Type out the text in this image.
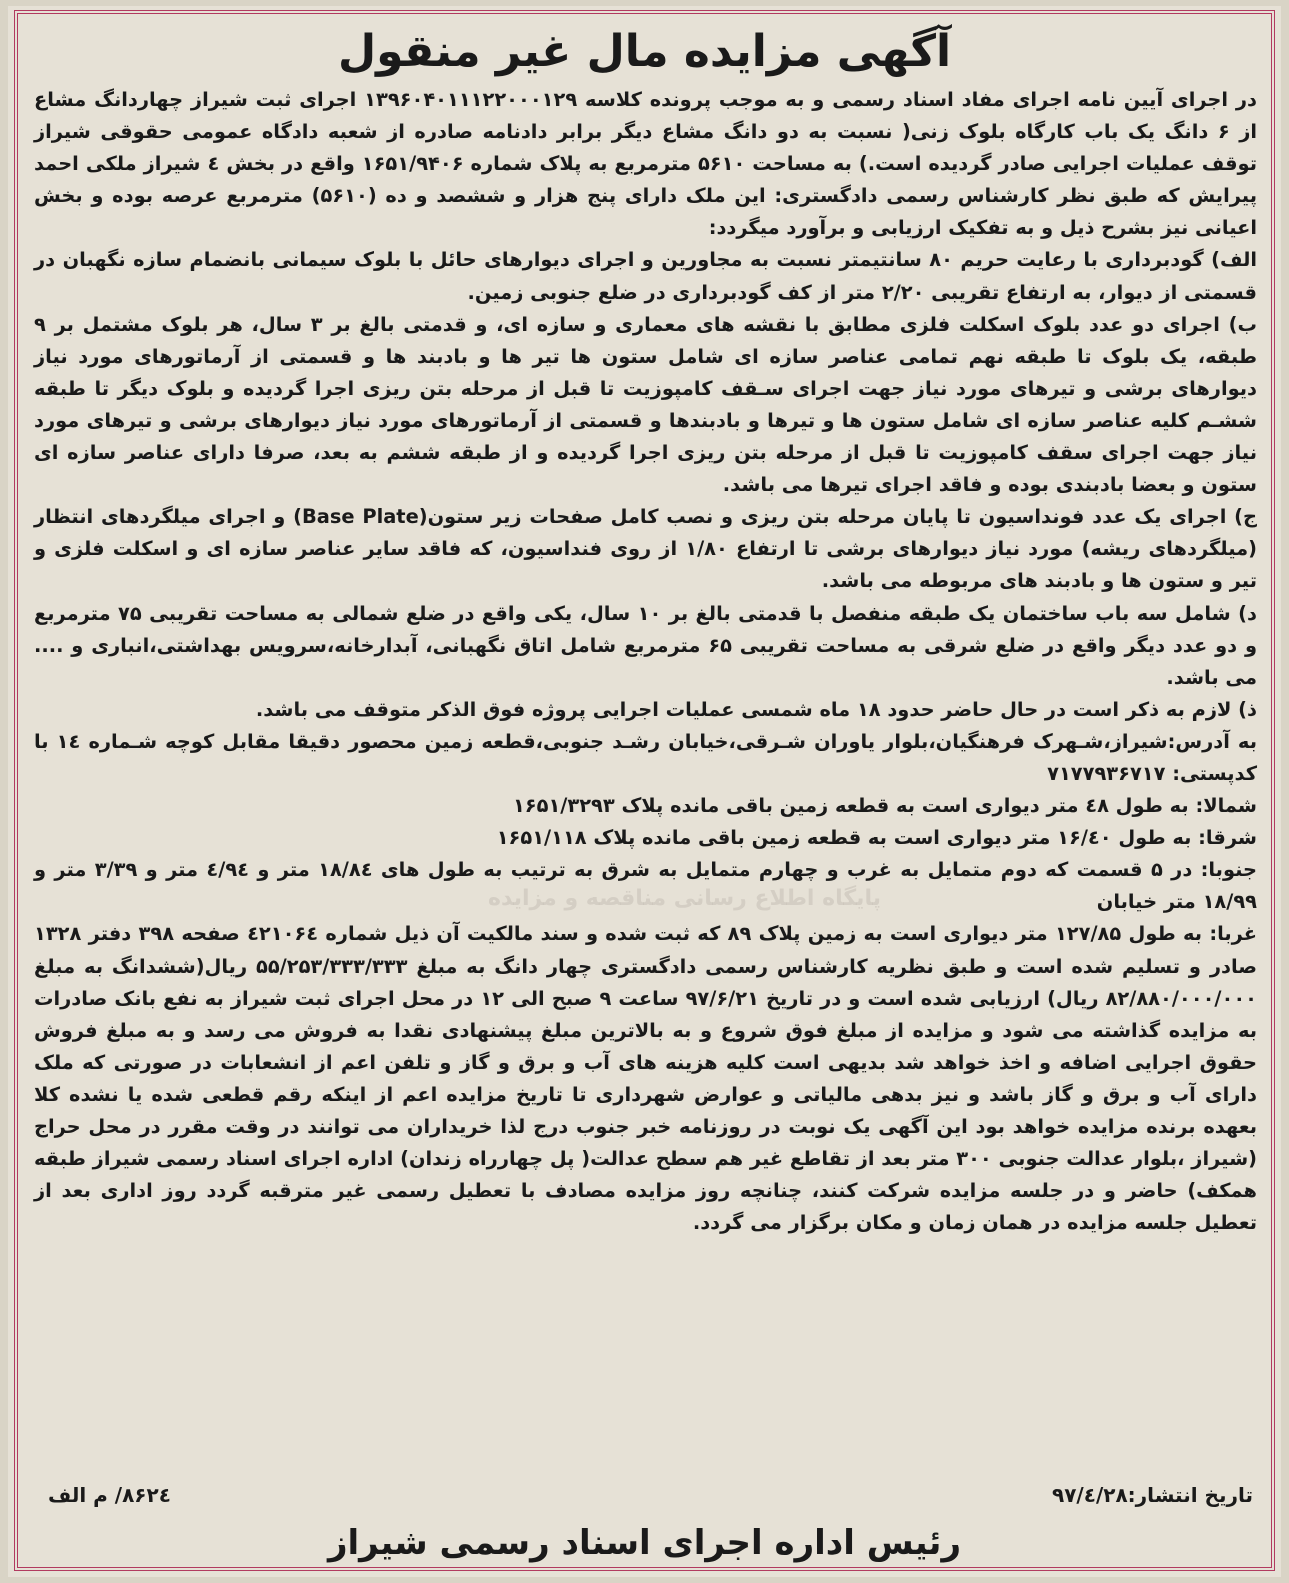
پایگاه اطلاع رسانی مناقصه و مزایده
آگهی مزایده مال غیر منقول

در اجرای آیین نامه اجرای مفاد اسناد رسمی و به موجب پرونده کلاسه ۱۳۹۶۰۴۰۱۱۱۲۲۰۰۰۱۲۹ اجرای ثبت شیراز چهاردانگ مشاع از ۶ دانگ یک باب کارگاه بلوک زنی( نسبت به دو دانگ مشاع دیگر برابر دادنامه صادره از شعبه دادگاه عمومی حقوقی شیراز توقف عملیات اجرایی صادر گردیده است.) به مساحت ۵۶۱۰ مترمربع به پلاک شماره ۱۶۵۱/۹۴۰۶ واقع در بخش ٤ شیراز ملکی احمد پیرایش که طبق نظر کارشناس رسمی دادگستری: این ملک دارای پنج هزار و ششصد و ده (۵۶۱۰) مترمربع عرصه بوده و بخش اعیانی نیز بشرح ذیل و به تفکیک ارزیابی و برآورد میگردد:

الف) گودبرداری با رعایت حریم ۸۰ سانتیمتر نسبت به مجاورین و اجرای دیوارهای حائل با بلوک سیمانی بانضمام سازه نگهبان در قسمتی از دیوار، به ارتفاع تقریبی ۲/۲۰ متر از کف گودبرداری در ضلع جنوبی زمین.

ب) اجرای دو عدد بلوک اسکلت فلزی مطابق با نقشه های معماری و سازه ای، و قدمتی بالغ بر ۳ سال، هر بلوک مشتمل بر ۹ طبقه، یک بلوک تا طبقه نهم تمامی عناصر سازه ای شامل ستون ها تیر ها و بادبند ها و قسمتی از آرماتورهای مورد نیاز دیوارهای برشی و تیرهای مورد نیاز جهت اجرای سـقف کامپوزیت تا قبل از مرحله بتن ریزی اجرا گردیده و بلوک دیگر تا طبقه ششـم کلیه عناصر سازه ای شامل ستون ها و تیرها و بادبندها و قسمتی از آرماتورهای مورد نیاز دیوارهای برشی و تیرهای مورد نیاز جهت اجرای سقف کامپوزیت تا قبل از مرحله بتن ریزی اجرا گردیده و از طبقه ششم به بعد، صرفا دارای عناصر سازه ای ستون و بعضا بادبندی بوده و فاقد اجرای تیرها می باشد.

ج) اجرای یک عدد فونداسیون تا پایان مرحله بتن ریزی و نصب کامل صفحات زیر ستون(Base Plate) و اجرای میلگردهای انتظار (میلگردهای ریشه) مورد نیاز دیوارهای برشی تا ارتفاع ۱/۸۰ از روی فنداسیون، که فاقد سایر عناصر سازه ای و اسکلت فلزی و تیر و ستون ها و بادبند های مربوطه می باشد.

د) شامل سه باب ساختمان یک طبقه منفصل با قدمتی بالغ بر ۱۰ سال، یکی واقع در ضلع شمالی به مساحت تقریبی ۷۵ مترمربع و دو عدد دیگر واقع در ضلع شرقی به مساحت تقریبی ۶۵ مترمربع شامل اتاق نگهبانی، آبدارخانه،سرویس بهداشتی،انباری و .... می باشد.

ذ) لازم به ذکر است در حال حاضر حدود ۱۸ ماه شمسی عملیات اجرایی پروژه فوق الذکر متوقف می باشد.

به آدرس:شیراز،شـهرک فرهنگیان،بلوار یاوران شـرقی،خیابان رشـد جنوبی،قطعه زمین محصور دقیقا مقابل کوچه شـماره ١٤ با کدپستی: ۷۱۷۷۹۳۶۷۱۷

شمالا: به طول ٤٨ متر دیواری است به قطعه زمین باقی مانده پلاک ۱۶۵۱/۳۲۹۳

شرقا: به طول ۱۶/٤٠ متر دیواری است به قطعه زمین باقی مانده پلاک ۱۶۵۱/۱۱۸

جنوبا: در ۵ قسمت که دوم متمایل به غرب و چهارم متمایل به شرق به ترتیب به طول های ۱۸/۸٤ متر و ٤/۹٤ متر و ۳/۳۹ متر و ۱۸/۹۹ متر خیابان

غربا: به طول ۱۲۷/۸۵ متر دیواری است به زمین پلاک ۸۹ که ثبت شده و سند مالکیت آن ذیل شماره ٤۲۱۰۶٤ صفحه ۳۹۸ دفتر ۱۳۲۸ صادر و تسلیم شده است و طبق نظریه کارشناس رسمی دادگستری چهار دانگ به مبلغ ۵۵/۲۵۳/۳۳۳/۳۳۳ ریال(ششدانگ به مبلغ ۸۲/۸۸۰/۰۰۰/۰۰۰ ریال) ارزیابی شده است و در تاریخ ۹۷/۶/۲۱ ساعت ۹ صبح الی ۱۲ در محل اجرای ثبت شیراز به نفع بانک صادرات به مزایده گذاشته می شود و مزایده از مبلغ فوق شروع و به بالاترین مبلغ پیشنهادی نقدا به فروش می رسد و به مبلغ فروش حقوق اجرایی اضافه و اخذ خواهد شد بدیهی است کلیه هزینه های آب و برق و گاز و تلفن اعم از انشعابات در صورتی که ملک دارای آب و برق و گاز باشد و نیز بدهی مالیاتی و عوارض شهرداری تا تاریخ مزایده اعم از اینکه رقم قطعی شده یا نشده کلا بعهده برنده مزایده خواهد بود این آگهی یک نوبت در روزنامه خبر جنوب درج لذا خریداران می توانند در وقت مقرر در محل حراج (شیراز ،بلوار عدالت جنوبی ۳۰۰ متر بعد از تقاطع غیر هم سطح عدالت( پل چهارراه زندان) اداره اجرای اسناد رسمی شیراز طبقه همکف) حاضر و در جلسه مزایده شرکت کنند، چنانچه روز مزایده مصادف با تعطیل رسمی غیر مترقبه گردد روز اداری بعد از تعطیل جلسه مزایده در همان زمان و مکان برگزار می گردد.

تاریخ انتشار:۹۷/٤/۲۸
۸۶۲٤/ م الف
رئیس اداره اجرای اسناد رسمی شیراز
